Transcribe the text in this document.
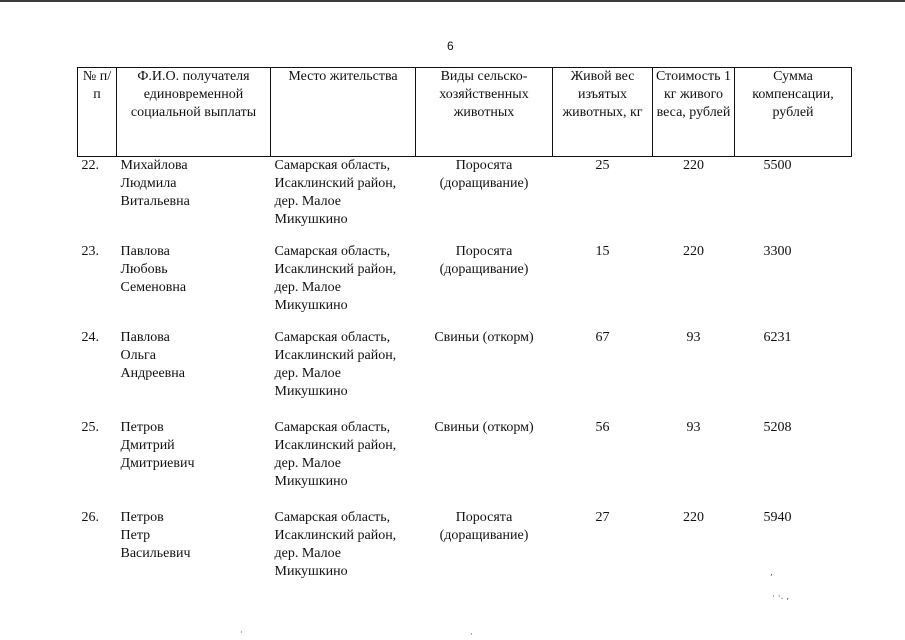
6
№ п/п	Ф.И.О. получателя единовременной социальной выплаты	Место жительства	Виды сельско-хозяйственных животных	Живой вес изъятых животных, кг	Стоимость 1 кг живого веса, рублей	Сумма компенсации, рублей
22.	Михайлова
Людмила
Витальевна	Самарская область, Исаклинский район, дер. Малое Микушкино	Поросята (доращивание)	25	220	5500

23.	Павлова
Любовь
Семеновна	Самарская область, Исаклинский район, дер. Малое Микушкино	Поросята (доращивание)	15	220	3300

24.	Павлова
Ольга
Андреевна	Самарская область, Исаклинский район, дер. Малое Микушкино	Свиньи (откорм)	67	93	6231

25.	Петров
Дмитрий
Дмитриевич	Самарская область, Исаклинский район, дер. Малое Микушкино	Свиньи (откорм)	56	93	5208

26.	Петров
Петр
Васильевич	Самарская область, Исаклинский район, дер. Малое Микушкино	Поросята (доращивание)	27	220	5940
,
· ·. ,
·	·
